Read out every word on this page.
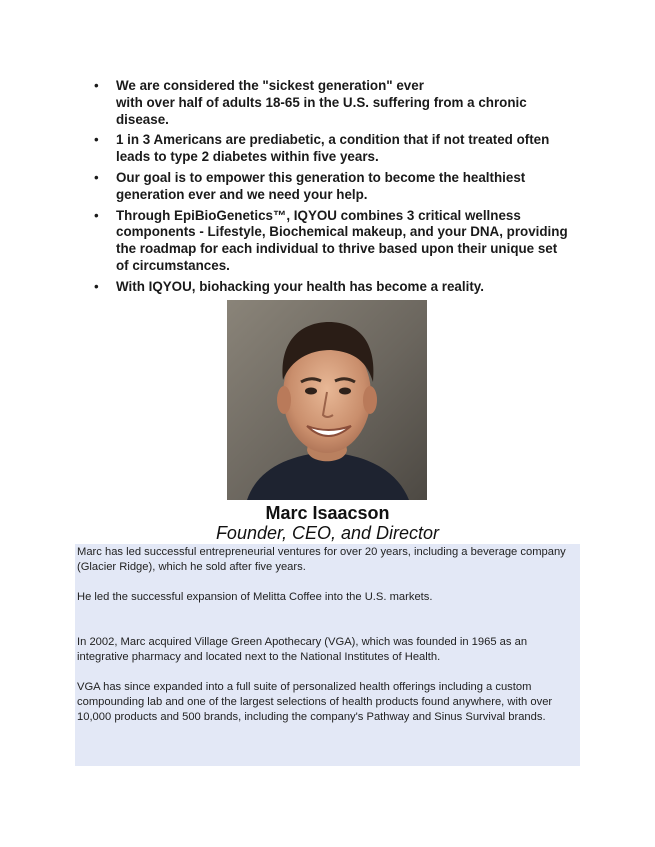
• We are considered the "sickest generation" ever
with over half of adults 18-65 in the U.S. suffering from a chronic disease.
• 1 in 3 Americans are prediabetic, a condition that if not treated often leads to type 2 diabetes within five years.
• Our goal is to empower this generation to become the healthiest generation ever and we need your help.
• Through EpiBioGenetics™, IQYOU combines 3 critical wellness components - Lifestyle, Biochemical makeup, and your DNA, providing the roadmap for each individual to thrive based upon their unique set of circumstances.
• With IQYOU, biohacking your health has become a reality.

Marc Isaacson

Founder, CEO, and Director

Marc has led successful entrepreneurial ventures for over 20 years, including a beverage company (Glacier Ridge), which he sold after five years.

He led the successful expansion of Melitta Coffee into the U.S. markets.

In 2002, Marc acquired Village Green Apothecary (VGA), which was founded in 1965 as an integrative pharmacy and located next to the National Institutes of Health.

VGA has since expanded into a full suite of personalized health offerings including a custom compounding lab and one of the largest selections of health products found anywhere, with over 10,000 products and 500 brands, including the company's Pathway and Sinus Survival brands.
